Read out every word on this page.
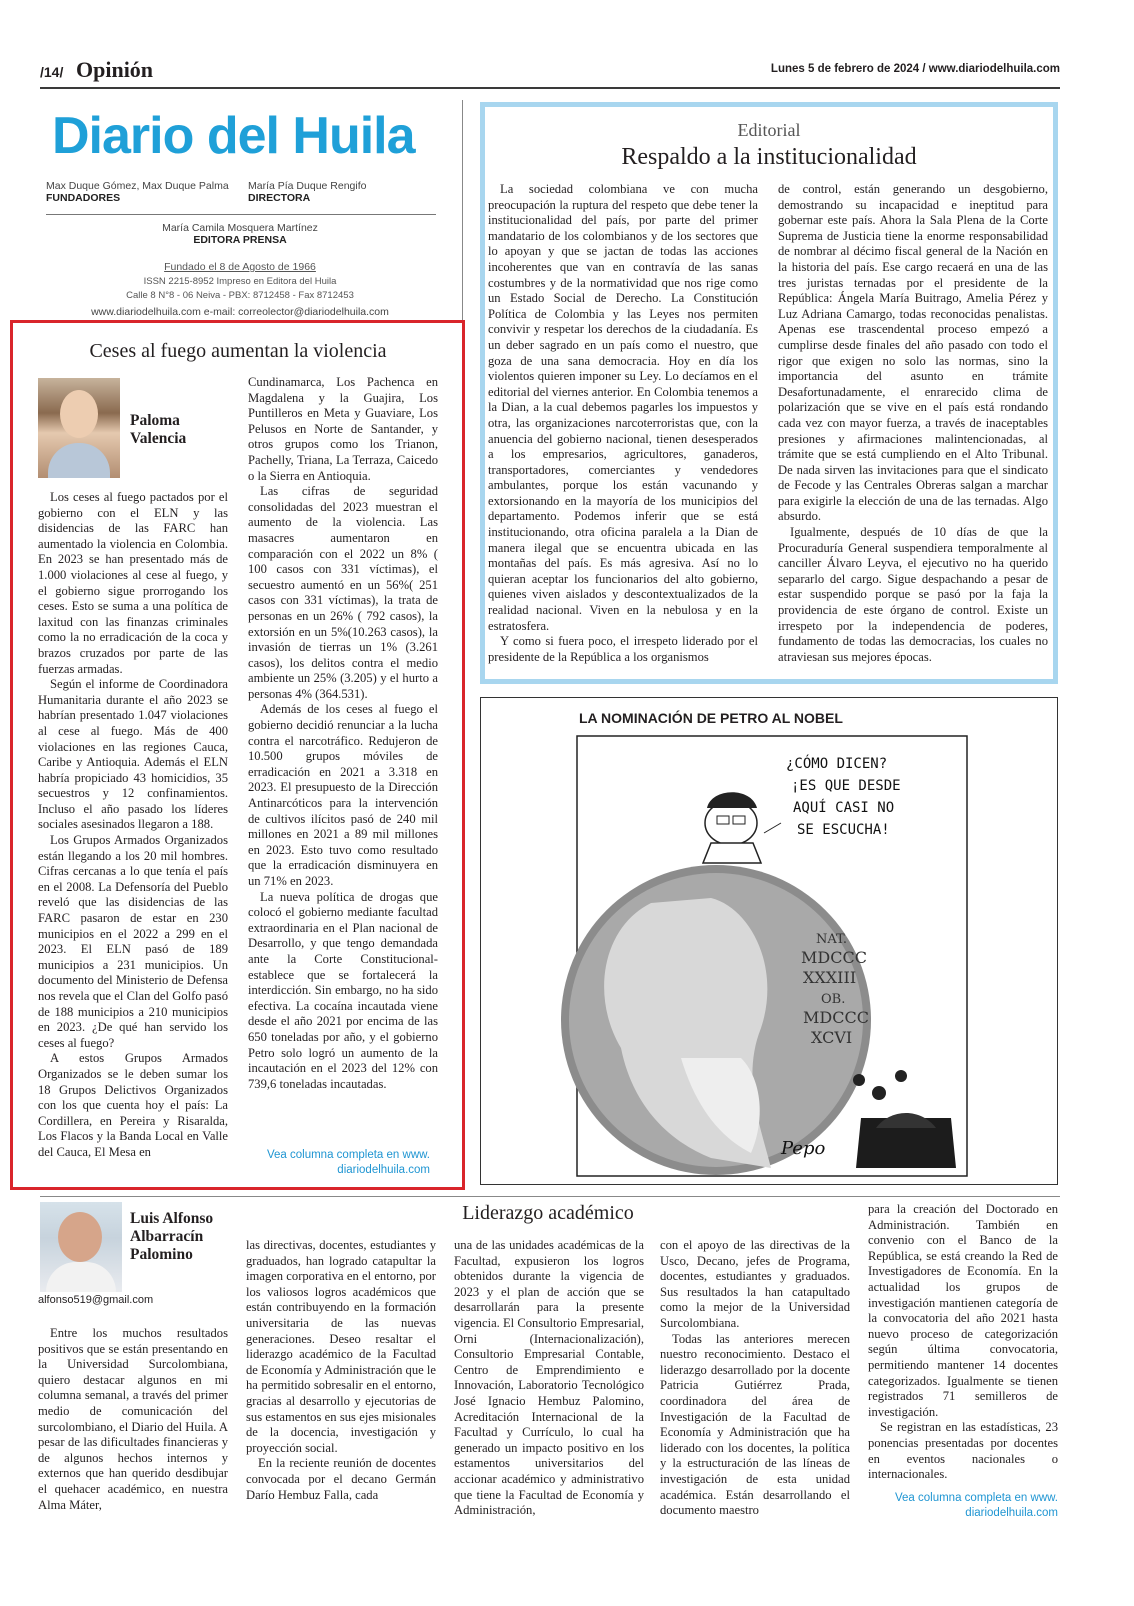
/14/ Opinión	Lunes 5 de febrero de 2024 / www.diariodelhuila.com
Diario del Huila
Max Duque Gómez, Max Duque Palma
FUNDADORES
María Pía Duque Rengifo
DIRECTORA
María Camila Mosquera Martínez
EDITORA PRENSA
Fundado el 8 de Agosto de 1966
ISSN 2215-8952 Impreso en Editora del Huila
Calle 8 N°8 - 06 Neiva - PBX: 8712458 - Fax 8712453
www.diariodelhuila.com e-mail: correolector@diariodelhuila.com
Ceses al fuego aumentan la violencia
Paloma Valencia

Los ceses al fuego pactados por el gobierno con el ELN y las disidencias de las FARC han aumentado la violencia en Colombia. En 2023 se han presentado más de 1.000 violaciones al cese al fuego, y el gobierno sigue prorrogando los ceses. Esto se suma a una política de laxitud con las finanzas criminales como la no erradicación de la coca y brazos cruzados por parte de las fuerzas armadas.

Según el informe de Coordinadora Humanitaria durante el año 2023 se habrían presentado 1.047 violaciones al cese al fuego. Más de 400 violaciones en las regiones Cauca, Caribe y Antioquia. Además el ELN habría propiciado 43 homicidios, 35 secuestros y 12 confinamientos. Incluso el año pasado los líderes sociales asesinados llegaron a 188.

Los Grupos Armados Organizados están llegando a los 20 mil hombres. Cifras cercanas a lo que tenía el país en el 2008. La Defensoría del Pueblo reveló que las disidencias de las FARC pasaron de estar en 230 municipios en el 2022 a 299 en el 2023. El ELN pasó de 189 municipios a 231 municipios. Un documento del Ministerio de Defensa nos revela que el Clan del Golfo pasó de 188 municipios a 210 municipios en 2023. ¿De qué han servido los ceses al fuego?

A estos Grupos Armados Organizados se le deben sumar los 18 Grupos Delictivos Organizados con los que cuenta hoy el país: La Cordillera, en Pereira y Risaralda, Los Flacos y la Banda Local en Valle del Cauca, El Mesa en

Cundinamarca, Los Pachenca en Magdalena y la Guajira, Los Puntilleros en Meta y Guaviare, Los Pelusos en Norte de Santander, y otros grupos como los Trianon, Pachelly, Triana, La Terraza, Caicedo o la Sierra en Antioquia.

Las cifras de seguridad consolidadas del 2023 muestran el aumento de la violencia. Las masacres aumentaron en comparación con el 2022 un 8% ( 100 casos con 331 víctimas), el secuestro aumentó en un 56%( 251 casos con 331 víctimas), la trata de personas en un 26% ( 792 casos), la extorsión en un 5%(10.263 casos), la invasión de tierras un 1% (3.261 casos), los delitos contra el medio ambiente un 25% (3.205) y el hurto a personas 4% (364.531).

Además de los ceses al fuego el gobierno decidió renunciar a la lucha contra el narcotráfico. Redujeron de 10.500 grupos móviles de erradicación en 2021 a 3.318 en 2023. El presupuesto de la Dirección Antinarcóticos para la intervención de cultivos ilícitos pasó de 240 mil millones en 2021 a 89 mil millones en 2023. Esto tuvo como resultado que la erradicación disminuyera en un 71% en 2023.

La nueva política de drogas que colocó el gobierno mediante facultad extraordinaria en el Plan nacional de Desarrollo, y que tengo demandada ante la Corte Constitucional-establece que se fortalecerá la interdicción. Sin embargo, no ha sido efectiva. La cocaína incautada viene desde el año 2021 por encima de las 650 toneladas por año, y el gobierno Petro solo logró un aumento de la incautación en el 2023 del 12% con 739,6 toneladas incautadas.

Vea columna completa en www.
diariodelhuila.com
Editorial
Respaldo a la institucionalidad

La sociedad colombiana ve con mucha preocupación la ruptura del respeto que debe tener la institucionalidad del país, por parte del primer mandatario de los colombianos y de los sectores que lo apoyan y que se jactan de todas las acciones incoherentes que van en contravía de las sanas costumbres y de la normatividad que nos rige como un Estado Social de Derecho. La Constitución Política de Colombia y las Leyes nos permiten convivir y respetar los derechos de la ciudadanía. Es un deber sagrado en un país como el nuestro, que goza de una sana democracia. Hoy en día los violentos quieren imponer su Ley. Lo decíamos en el editorial del viernes anterior. En Colombia tenemos a la Dian, a la cual debemos pagarles los impuestos y otra, las organizaciones narcoterroristas que, con la anuencia del gobierno nacional, tienen desesperados a los empresarios, agricultores, ganaderos, transportadores, comerciantes y vendedores ambulantes, porque los están vacunando y extorsionando en la mayoría de los municipios del departamento. Podemos inferir que se está institucionando, otra oficina paralela a la Dian de manera ilegal que se encuentra ubicada en las montañas del país. Es más agresiva. Así no lo quieran aceptar los funcionarios del alto gobierno, quienes viven aislados y descontextualizados de la realidad nacional. Viven en la nebulosa y en la estratosfera.

Y como si fuera poco, el irrespeto liderado por el presidente de la República a los organismos

de control, están generando un desgobierno, demostrando su incapacidad e ineptitud para gobernar este país. Ahora la Sala Plena de la Corte Suprema de Justicia tiene la enorme responsabilidad de nombrar al décimo fiscal general de la Nación en la historia del país. Ese cargo recaerá en una de las tres juristas ternadas por el presidente de la República: Ángela María Buitrago, Amelia Pérez y Luz Adriana Camargo, todas reconocidas penalistas. Apenas ese trascendental proceso empezó a cumplirse desde finales del año pasado con todo el rigor que exigen no solo las normas, sino la importancia del asunto en trámite Desafortunadamente, el enrarecido clima de polarización que se vive en el país está rondando cada vez con mayor fuerza, a través de inaceptables presiones y afirmaciones malintencionadas, al trámite que se está cumpliendo en el Alto Tribunal. De nada sirven las invitaciones para que el sindicato de Fecode y las Centrales Obreras salgan a marchar para exigirle la elección de una de las ternadas. Algo absurdo.

Igualmente, después de 10 días de que la Procuraduría General suspendiera temporalmente al canciller Álvaro Leyva, el ejecutivo no ha querido separarlo del cargo. Sigue despachando a pesar de estar suspendido porque se pasó por la faja la providencia de este órgano de control. Existe un irrespeto por la independencia de poderes, fundamento de todas las democracias, los cuales no atraviesan sus mejores épocas.

LA NOMINACIÓN DE PETRO AL NOBEL
NAT.
MDCCC
XXXIII
OB.
MDCCC
XCVI
¿CÓMO DICEN?
¡ES QUE DESDE
AQUÍ CASI NO
SE ESCUCHA!
Pepo
Luis Alfonso Albarracín Palomino
alfonso519@gmail.com
Liderazgo académico

Entre los muchos resultados positivos que se están presentando en la Universidad Surcolombiana, quiero destacar algunos en mi columna semanal, a través del primer medio de comunicación del surcolombiano, el Diario del Huila. A pesar de las dificultades financieras y de algunos hechos internos y externos que han querido desdibujar el quehacer académico, en nuestra Alma Máter,

las directivas, docentes, estudiantes y graduados, han logrado catapultar la imagen corporativa en el entorno, por los valiosos logros académicos que están contribuyendo en la formación universitaria de las nuevas generaciones. Deseo resaltar el liderazgo académico de la Facultad de Economía y Administración que le ha permitido sobresalir en el entorno, gracias al desarrollo y ejecutorias de sus estamentos en sus ejes misionales de la docencia, investigación y proyección social.

En la reciente reunión de docentes convocada por el decano Germán Darío Hembuz Falla, cada

una de las unidades académicas de la Facultad, expusieron los logros obtenidos durante la vigencia de 2023 y el plan de acción que se desarrollarán para la presente vigencia. El Consultorio Empresarial, Orni (Internacionalización), Consultorio Empresarial Contable, Centro de Emprendimiento e Innovación, Laboratorio Tecnológico José Ignacio Hembuz Palomino, Acreditación Internacional de la Facultad y Currículo, lo cual ha generado un impacto positivo en los estamentos universitarios del accionar académico y administrativo que tiene la Facultad de Economía y Administración,

con el apoyo de las directivas de la Usco, Decano, jefes de Programa, docentes, estudiantes y graduados. Sus resultados la han catapultado como la mejor de la Universidad Surcolombiana.

Todas las anteriores merecen nuestro reconocimiento. Destaco el liderazgo desarrollado por la docente Patricia Gutiérrez Prada, coordinadora del área de Investigación de la Facultad de Economía y Administración que ha liderado con los docentes, la política y la estructuración de las líneas de investigación de esta unidad académica. Están desarrollando el documento maestro

para la creación del Doctorado en Administración. También en convenio con el Banco de la República, se está creando la Red de Investigadores de Economía. En la actualidad los grupos de investigación mantienen categoría de la convocatoria del año 2021 hasta nuevo proceso de categorización según última convocatoria, permitiendo mantener 14 docentes categorizados. Igualmente se tienen registrados 71 semilleros de investigación.

Se registran en las estadísticas, 23 ponencias presentadas por docentes en eventos nacionales o internacionales.

Vea columna completa en www.
diariodelhuila.com
